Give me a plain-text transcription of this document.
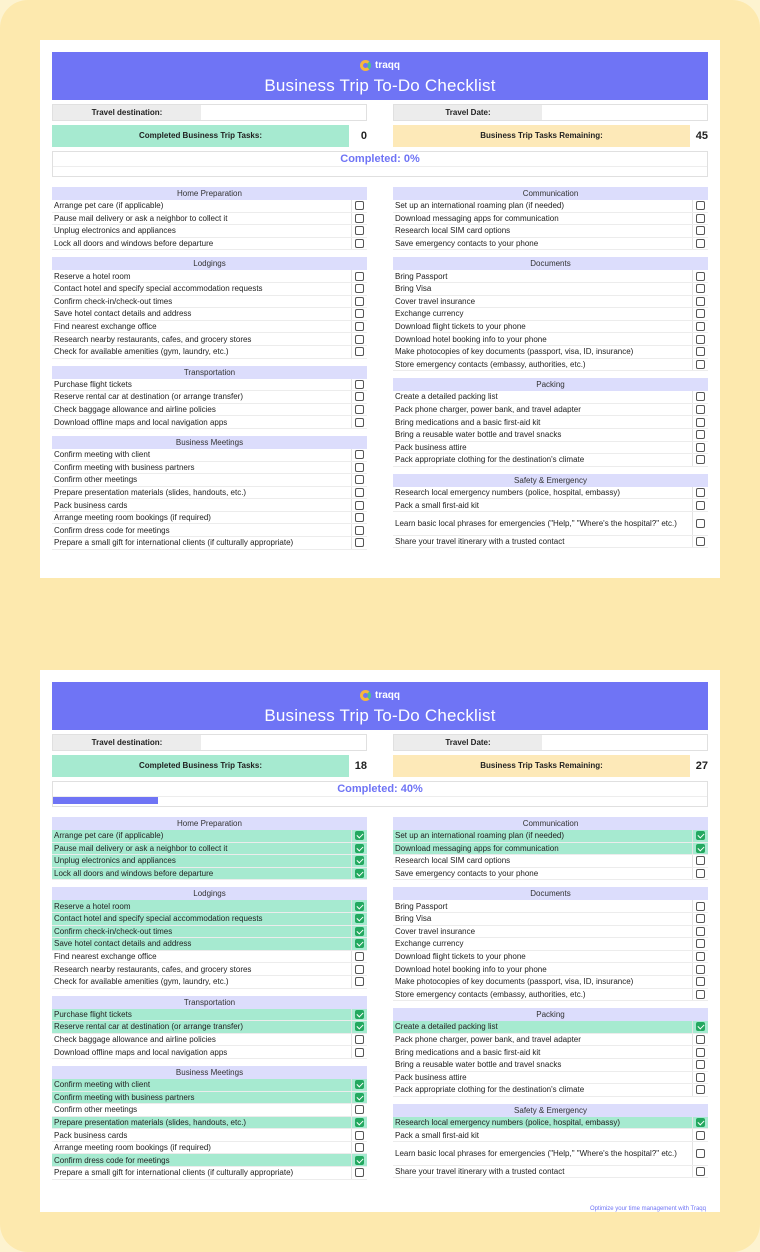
traqq
Business Trip To-Do Checklist
Travel destination:
Completed Business Trip Tasks:	0
Travel Date:
Business Trip Tasks Remaining:	45
Completed: 0%
Home Preparation
Arrange pet care (if applicable)
Pause mail delivery or ask a neighbor to collect it
Unplug electronics and appliances
Lock all doors and windows before departure
Lodgings
Reserve a hotel room
Contact hotel and specify special accommodation requests
Confirm check-in/check-out times
Save hotel contact details and address
Find nearest exchange office
Research nearby restaurants, cafes, and grocery stores
Check for available amenities (gym, laundry, etc.)
Transportation
Purchase flight tickets
Reserve rental car at destination (or arrange transfer)
Check baggage allowance and airline policies
Download offline maps and local navigation apps
Business Meetings
Confirm meeting with client
Confirm meeting with business partners
Confirm other meetings
Prepare presentation materials (slides, handouts, etc.)
Pack business cards
Arrange meeting room bookings (if required)
Confirm dress code for meetings
Prepare a small gift for international clients (if culturally appropriate)
Communication
Set up an international roaming plan (if needed)
Download messaging apps for communication
Research local SIM card options
Save emergency contacts to your phone
Documents
Bring Passport
Bring Visa
Cover travel insurance
Exchange currency
Download flight tickets to your phone
Download hotel booking info to your phone
Make photocopies of key documents (passport, visa, ID, insurance)
Store emergency contacts (embassy, authorities, etc.)
Packing
Create a detailed packing list
Pack phone charger, power bank, and travel adapter
Bring medications and a basic first-aid kit
Bring a reusable water bottle and travel snacks
Pack business attire
Pack appropriate clothing for the destination's climate
Safety & Emergency
Research local emergency numbers (police, hospital, embassy)
Pack a small first-aid kit
Learn basic local phrases for emergencies ("Help," "Where's the hospital?" etc.)
Share your travel itinerary with a trusted contact
traqq
Business Trip To-Do Checklist
Travel destination:
Completed Business Trip Tasks:	18
Travel Date:
Business Trip Tasks Remaining:	27
Completed: 40%
Home Preparation
Arrange pet care (if applicable)
Pause mail delivery or ask a neighbor to collect it
Unplug electronics and appliances
Lock all doors and windows before departure
Lodgings
Reserve a hotel room
Contact hotel and specify special accommodation requests
Confirm check-in/check-out times
Save hotel contact details and address
Find nearest exchange office
Research nearby restaurants, cafes, and grocery stores
Check for available amenities (gym, laundry, etc.)
Transportation
Purchase flight tickets
Reserve rental car at destination (or arrange transfer)
Check baggage allowance and airline policies
Download offline maps and local navigation apps
Business Meetings
Confirm meeting with client
Confirm meeting with business partners
Confirm other meetings
Prepare presentation materials (slides, handouts, etc.)
Pack business cards
Arrange meeting room bookings (if required)
Confirm dress code for meetings
Prepare a small gift for international clients (if culturally appropriate)
Communication
Set up an international roaming plan (if needed)
Download messaging apps for communication
Research local SIM card options
Save emergency contacts to your phone
Documents
Bring Passport
Bring Visa
Cover travel insurance
Exchange currency
Download flight tickets to your phone
Download hotel booking info to your phone
Make photocopies of key documents (passport, visa, ID, insurance)
Store emergency contacts (embassy, authorities, etc.)
Packing
Create a detailed packing list
Pack phone charger, power bank, and travel adapter
Bring medications and a basic first-aid kit
Bring a reusable water bottle and travel snacks
Pack business attire
Pack appropriate clothing for the destination's climate
Safety & Emergency
Research local emergency numbers (police, hospital, embassy)
Pack a small first-aid kit
Learn basic local phrases for emergencies ("Help," "Where's the hospital?" etc.)
Share your travel itinerary with a trusted contact
Optimize your time management with Traqq
